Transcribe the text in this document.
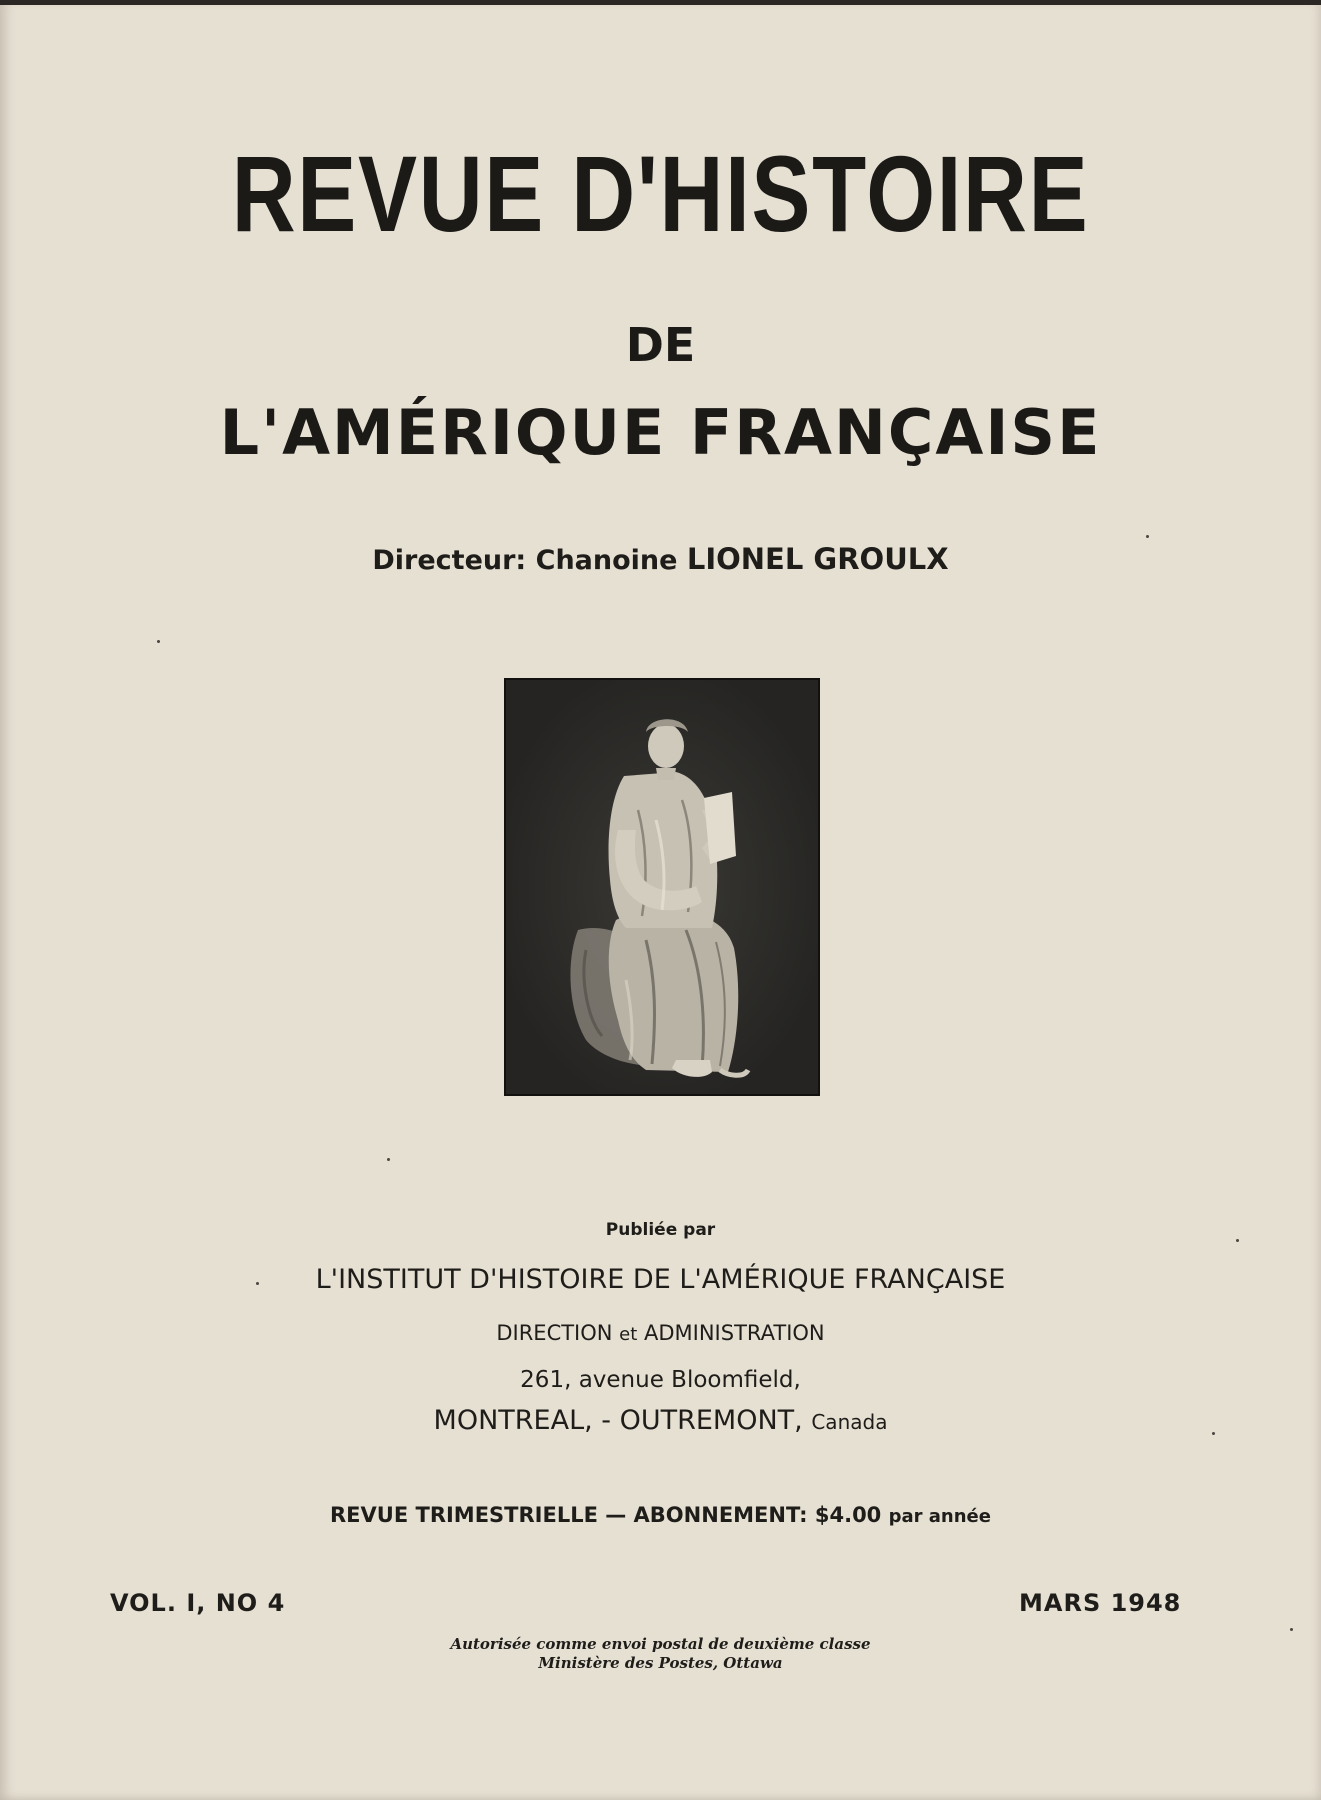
REVUE D'HISTOIRE
DE
L'AMÉRIQUE FRANÇAISE
Directeur: Chanoine LIONEL GROULX
Publiée par
L'INSTITUT D'HISTOIRE DE L'AMÉRIQUE FRANÇAISE
DIRECTION et ADMINISTRATION
261, avenue Bloomfield,
MONTREAL, - OUTREMONT, Canada
REVUE TRIMESTRIELLE — ABONNEMENT: $4.00 par année
VOL. I, NO 4	MARS 1948
Autorisée comme envoi postal de deuxième classe
Ministère des Postes, Ottawa
